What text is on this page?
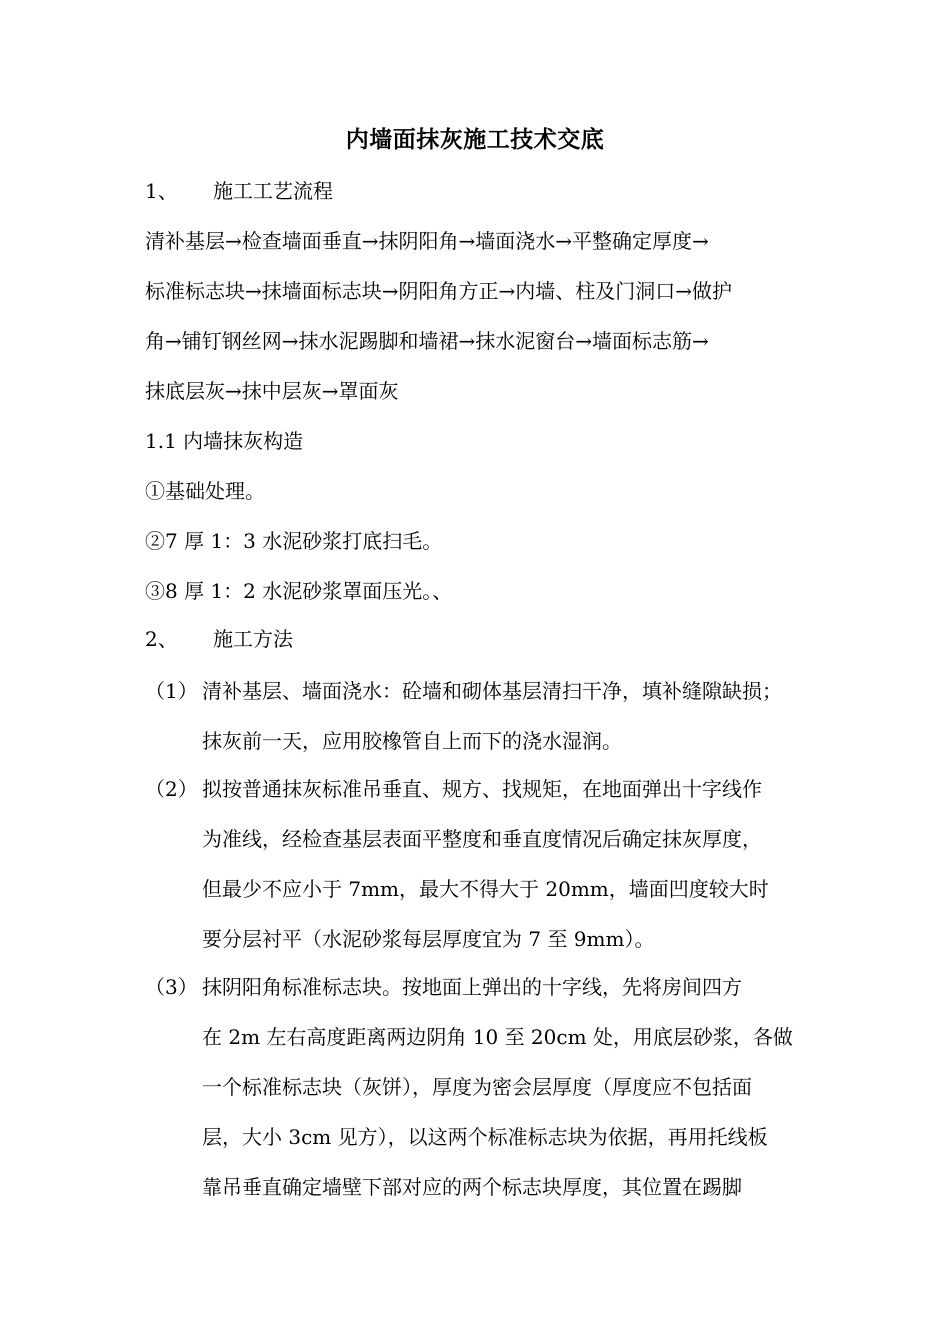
内墙面抹灰施工技术交底
1、 施工工艺流程
清补基层→检查墙面垂直→抹阴阳角→墙面浇水→平整确定厚度→
标准标志块→抹墙面标志块→阴阳角方正→内墙、柱及门洞口→做护
角→铺钉钢丝网→抹水泥踢脚和墙裙→抹水泥窗台→墙面标志筋→
抹底层灰→抹中层灰→罩面灰
1.1 内墙抹灰构造
①基础处理。
②7 厚 1：3 水泥砂浆打底扫毛。
③8 厚 1：2 水泥砂浆罩面压光。、
2、 施工方法
（1） 清补基层、墙面浇水：砼墙和砌体基层清扫干净，填补缝隙缺损；
抹灰前一天，应用胶橡管自上而下的浇水湿润。
（2） 拟按普通抹灰标准吊垂直、规方、找规矩，在地面弹出十字线作
为准线，经检查基层表面平整度和垂直度情况后确定抹灰厚度，
但最少不应小于 7mm，最大不得大于 20mm，墙面凹度较大时
要分层衬平（水泥砂浆每层厚度宜为 7 至 9mm）。
（3） 抹阴阳角标准标志块。按地面上弹出的十字线，先将房间四方
在 2m 左右高度距离两边阴角 10 至 20cm 处，用底层砂浆，各做
一个标准标志块（灰饼），厚度为密会层厚度（厚度应不包括面
层，大小 3cm 见方），以这两个标准标志块为依据，再用托线板
靠吊垂直确定墙壁下部对应的两个标志块厚度，其位置在踢脚
